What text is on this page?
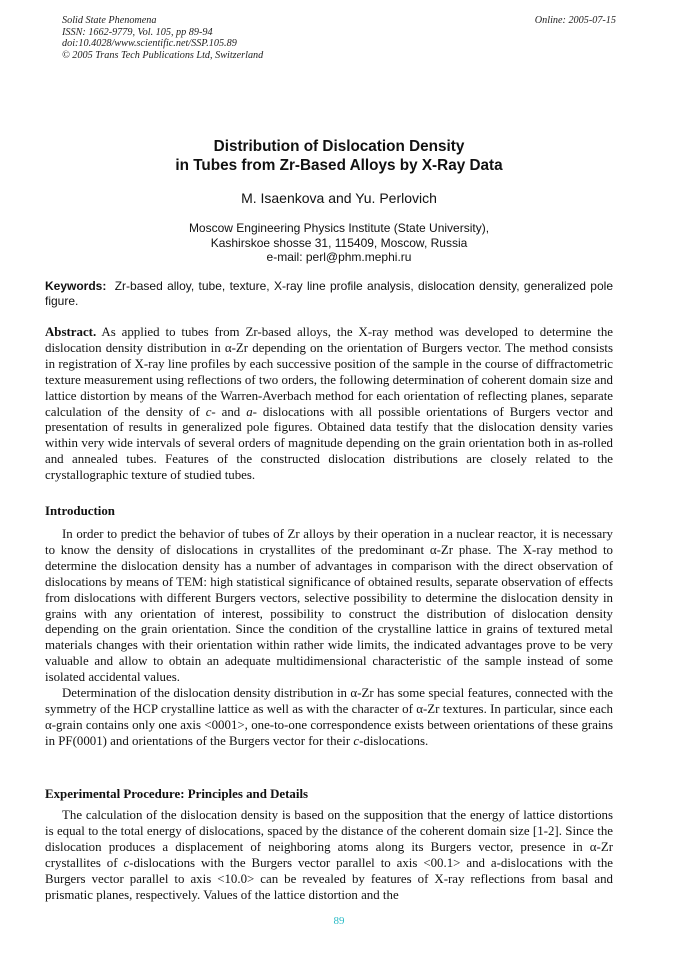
Solid State Phenomena
ISSN: 1662-9779, Vol. 105, pp 89-94
doi:10.4028/www.scientific.net/SSP.105.89
© 2005 Trans Tech Publications Ltd, Switzerland
Online: 2005-07-15
Distribution of Dislocation Density
in Tubes from Zr-Based Alloys by X-Ray Data
M. Isaenkova and Yu. Perlovich
Moscow Engineering Physics Institute (State University),
Kashirskoe shosse 31, 115409, Moscow, Russia
e-mail: perl@phm.mephi.ru
Keywords: Zr-based alloy, tube, texture, X-ray line profile analysis, dislocation density, generalized pole figure.
Abstract. As applied to tubes from Zr-based alloys, the X-ray method was developed to determine the dislocation density distribution in α-Zr depending on the orientation of Burgers vector. The method consists in registration of X-ray line profiles by each successive position of the sample in the course of diffractometric texture measurement using reflections of two orders, the following determination of coherent domain size and lattice distortion by means of the Warren-Averbach method for each orientation of reflecting planes, separate calculation of the density of c- and a- dislocations with all possible orientations of Burgers vector and presentation of results in generalized pole figures. Obtained data testify that the dislocation density varies within very wide intervals of several orders of magnitude depending on the grain orientation both in as-rolled and annealed tubes. Features of the constructed dislocation distributions are closely related to the crystallographic texture of studied tubes.
Introduction

In order to predict the behavior of tubes of Zr alloys by their operation in a nuclear reactor, it is necessary to know the density of dislocations in crystallites of the predominant α-Zr phase. The X-ray method to determine the dislocation density has a number of advantages in comparison with the direct observation of dislocations by means of TEM: high statistical significance of obtained results, separate observation of effects from dislocations with different Burgers vectors, selective possibility to determine the dislocation density in grains with any orientation of interest, possibility to construct the distribution of dislocation density depending on the grain orientation. Since the condition of the crystalline lattice in grains of textured metal materials changes with their orientation within rather wide limits, the indicated advantages prove to be very valuable and allow to obtain an adequate multidimensional characteristic of the sample instead of some isolated accidental values.

Determination of the dislocation density distribution in α-Zr has some special features, connected with the symmetry of the HCP crystalline lattice as well as with the character of α-Zr textures. In particular, since each α-grain contains only one axis <0001>, one-to-one correspondence exists between orientations of these grains in PF(0001) and orientations of the Burgers vector for their c-dislocations.

Experimental Procedure: Principles and Details

The calculation of the dislocation density is based on the supposition that the energy of lattice distortions is equal to the total energy of dislocations, spaced by the distance of the coherent domain size [1-2]. Since the dislocation produces a displacement of neighboring atoms along its Burgers vector, presence in α-Zr crystallites of c-dislocations with the Burgers vector parallel to axis <00.1> and a-dislocations with the Burgers vector parallel to axis <10.0> can be revealed by features of X-ray reflections from basal and prismatic planes, respectively. Values of the lattice distortion and the

89
